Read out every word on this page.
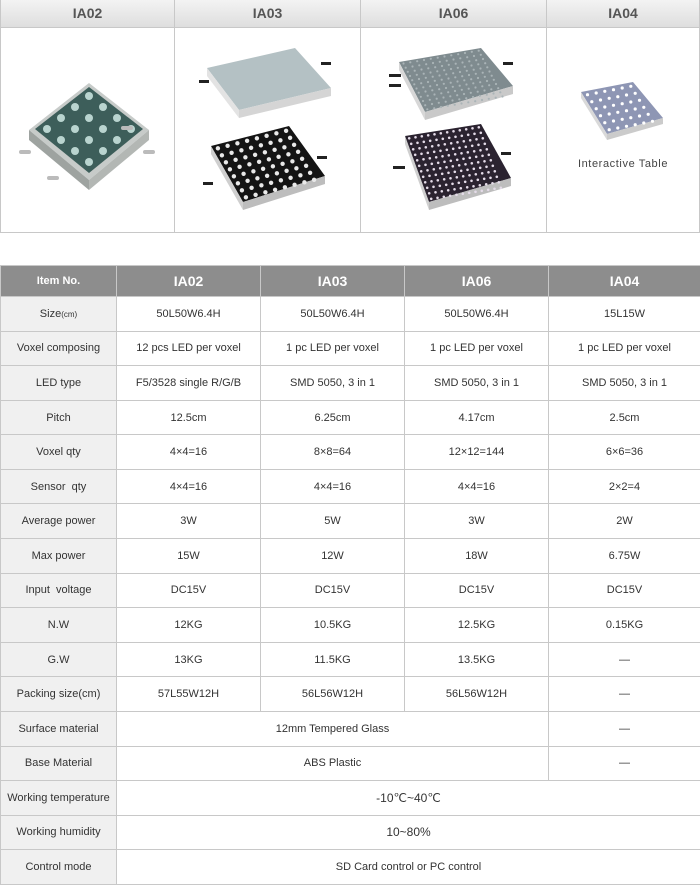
IA02	IA03	IA06	IA04
Interactive Table
Item No.	IA02	IA03	IA06	IA04
Size(cm)	50L50W6.4H	50L50W6.4H	50L50W6.4H	15L15W
Voxel composing	12 pcs LED per voxel	1 pc LED per voxel	1 pc LED per voxel	1 pc LED per voxel
LED type	F5/3528 single R/G/B	SMD 5050, 3 in 1	SMD 5050, 3 in 1	SMD 5050, 3 in 1
Pitch	12.5cm	6.25cm	4.17cm	2.5cm
Voxel qty	4×4=16	8×8=64	12×12=144	6×6=36
Sensor  qty	4×4=16	4×4=16	4×4=16	2×2=4
Average power	3W	5W	3W	2W
Max power	15W	12W	18W	6.75W
Input  voltage	DC15V	DC15V	DC15V	DC15V
N.W	12KG	10.5KG	12.5KG	0.15KG
G.W	13KG	11.5KG	13.5KG	—
Packing size(cm)	57L55W12H	56L56W12H	56L56W12H	—
Surface material	12mm Tempered Glass			—
Base Material	ABS Plastic			—
Working temperature	-10℃~40℃			
Working humidity	10~80%			
Control mode	SD Card control or PC control			
